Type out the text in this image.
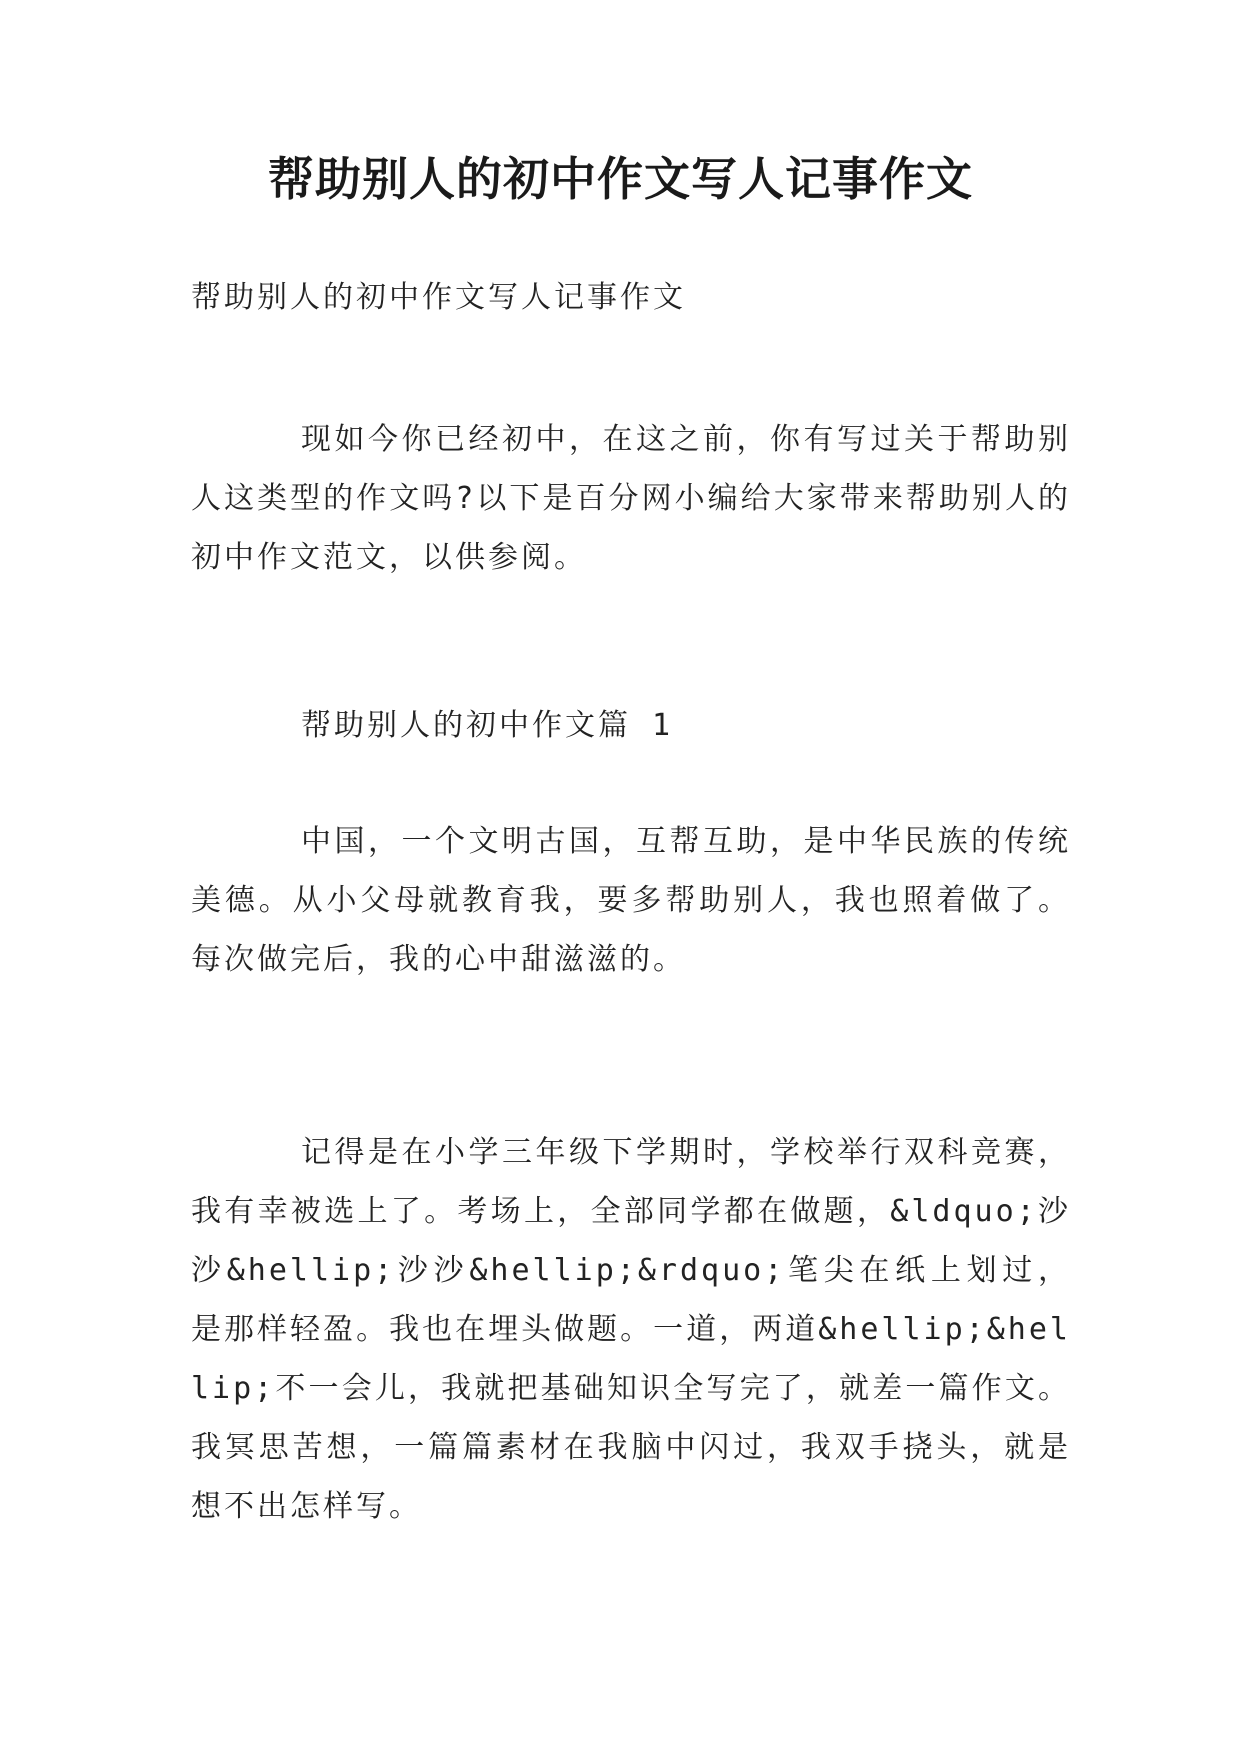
帮助别人的初中作文写人记事作文

帮助别人的初中作文写人记事作文

现如今你已经初中，在这之前，你有写过关于帮助别人这类型的作文吗?以下是百分网小编给大家带来帮助别人的初中作文范文，以供参阅。

帮助别人的初中作文篇 1

中国，一个文明古国，互帮互助，是中华民族的传统美德。从小父母就教育我，要多帮助别人，我也照着做了。每次做完后，我的心中甜滋滋的。

记得是在小学三年级下学期时，学校举行双科竞赛，我有幸被选上了。考场上，全部同学都在做题，&ldquo;沙沙&hellip;沙沙&hellip;&rdquo;笔尖在纸上划过，是那样轻盈。我也在埋头做题。一道，两道&hellip;&hellip;不一会儿，我就把基础知识全写完了，就差一篇作文。我冥思苦想，一篇篇素材在我脑中闪过，我双手挠头，就是想不出怎样写。
